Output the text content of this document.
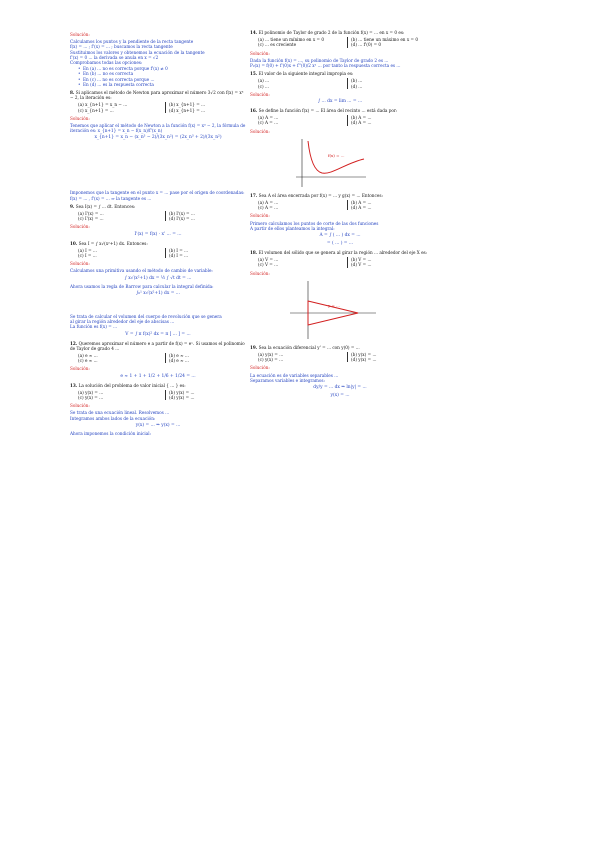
Solución:

Calculamos los puntos y la pendiente de la recta tangente

f(x) = ... ; f'(x) = ... ; buscamos la recta tangente

Sustituimos los valores y obtenemos la ecuación de la tangente

f'(x) = 0 ... la derivada se anula en x = √2

Comprobamos todas las opciones:

• En (a) ... no es correcta porque f'(x) ≠ 0
• En (b) ... no es correcta
• En (c) ... no es correcta porque ...
• En (d) ... es la respuesta correcta

8. Si aplicamos el método de Newton para aproximar el número 3√2 con f(x) = x³ − 2, la iteración es:

(a) x_{n+1} = x_n − ...	(b) x_{n+1} = ...

(c) x_{n+1} = ...	(d) x_{n+1} = ...

Solución:

Tenemos que aplicar el método de Newton a la función f(x) = x³ − 2, la fórmula de

iteración es: x_{n+1} = x_n − f(x_n)/f'(x_n)

x_{n+1} = x_n − (x_n³ − 2)/(3x_n²) = (2x_n³ + 2)/(3x_n²)

Imponemos que la tangente en el punto x = ... pase por el origen de coordenadas:

f(x) = ... , f'(x) = ... ⇒ la tangente es ...

9. Sea I(x) = ∫ ... dt. Entonces:

(a) I'(x) = ...	(b) I'(x) = ...

(c) I'(x) = ...	(d) I'(x) = ...

Solución:

I'(x) = f(x) · x' ... = ...

10. Sea I = ∫ x√(x²+1) dx. Entonces:

(a) I = ...	(b) I = ...

(c) I = ...	(d) I = ...

Solución:

Calculamos una primitiva usando el método de cambio de variable:

∫ x√(x²+1) dx = ½ ∫ √t dt = ...

Ahora usamos la regla de Barrow para calcular la integral definida:

∫₀¹ x√(x²+1) dx = ...

Se trata de calcular el volumen del cuerpo de revolución que se genera

al girar la región alrededor del eje de abscisas ...

La función es f(x) = ...

V = ∫ π f(x)² dx = π [ ... ] = ...

12. Queremos aproximar el número e a partir de f(x) = eˣ. Si usamos el polinomio de Taylor de grado 4 ...

(a) e ≈ ...	(b) e ≈ ...

(c) e ≈ ...	(d) e ≈ ...

Solución:

e ≈ 1 + 1 + 1/2 + 1/6 + 1/24 = ...

13. La solución del problema de valor inicial { ... } es:

(a) y(x) = ...	(b) y(x) = ...

(c) y(x) = ...	(d) y(x) = ...

Solución:

Se trata de una ecuación lineal. Resolvemos ...

Integramos ambos lados de la ecuación:

y(x) = ... ⇒ y(x) = ...

Ahora imponemos la condición inicial:

14. El polinomio de Taylor de grado 2 de la función f(x) = ... en x = 0 es:

(a) ... tiene un mínimo en x = 0	(b) ... tiene un máximo en x = 0

(c) ... es creciente	(d) ... f'(0) = 0

Solución:

Dada la función f(x) = ..., su polinomio de Taylor de grado 2 es ...

P₂(x) = f(0) + f'(0)x + f''(0)/2 x² ... por tanto la respuesta correcta es ...

15. El valor de la siguiente integral impropia es:

(a) ...	(b) ...

(c) ...	(d) ...

Solución:

∫ ... dx = lim ... = ...

16. Se define la función f(x) = ... El área del recinto ... está dada por:

(a) A = ...	(b) A = ...

(c) A = ...	(d) A = ...

Solución:

f(x) = ...

17. Sea A el área encerrada por f(x) = ... y g(x) = ... Entonces:

(a) A = ...	(b) A = ...

(c) A = ...	(d) A = ...

Solución:

Primero calculamos los puntos de corte de las dos funciones

A partir de ellos planteamos la integral:

A = ∫ ( ... ) dx = ...

= ( ... ) = ...

18. El volumen del sólido que se genera al girar la región ... alrededor del eje X es:

(a) V = ...	(b) V = ...

(c) V = ...	(d) V = ...

Solución:

y = ...

19. Sea la ecuación diferencial y' = ... con y(0) = ...

(a) y(x) = ...	(b) y(x) = ...

(c) y(x) = ...	(d) y(x) = ...

Solución:

La ecuación es de variables separables ...

Separamos variables e integramos:

dy/y = ... dx ⇒ ln|y| = ...

y(x) = ...
